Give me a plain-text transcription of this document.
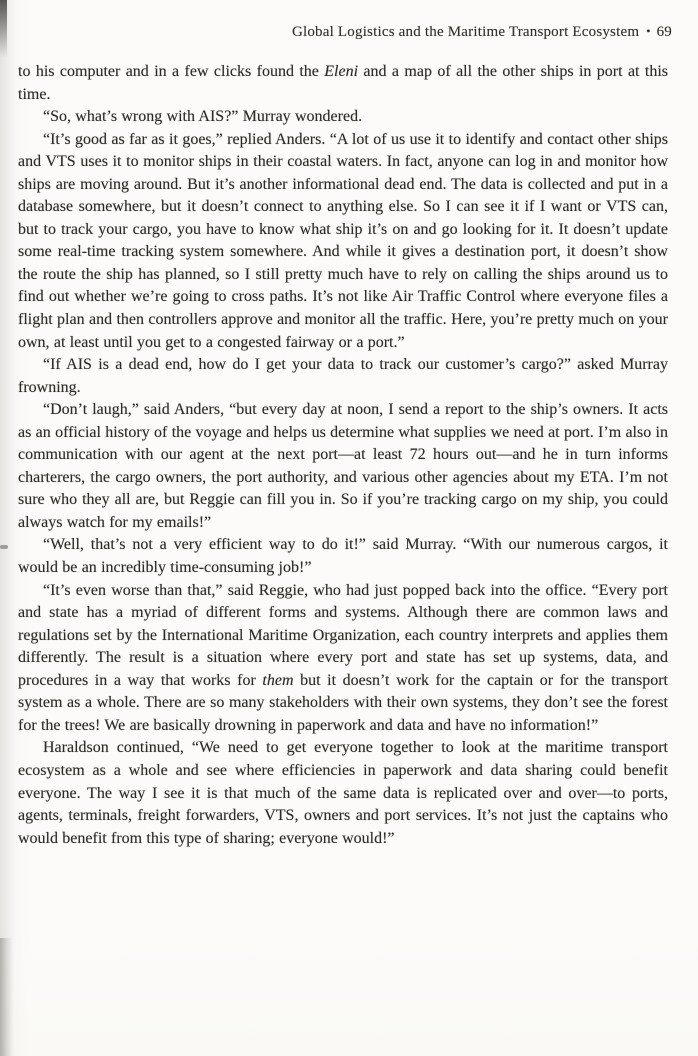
Global Logistics and the Maritime Transport Ecosystem • 69

to his computer and in a few clicks found the Eleni and a map of all the other ships in port at this time.

“So, what’s wrong with AIS?” Murray wondered.

“It’s good as far as it goes,” replied Anders. “A lot of us use it to identify and contact other ships and VTS uses it to monitor ships in their coastal waters. In fact, anyone can log in and monitor how ships are moving around. But it’s another informational dead end. The data is collected and put in a database somewhere, but it doesn’t connect to anything else. So I can see it if I want or VTS can, but to track your cargo, you have to know what ship it’s on and go looking for it. It doesn’t update some real-time tracking system somewhere. And while it gives a destination port, it doesn’t show the route the ship has planned, so I still pretty much have to rely on calling the ships around us to find out whether we’re going to cross paths. It’s not like Air Traffic Control where everyone files a flight plan and then controllers approve and monitor all the traffic. Here, you’re pretty much on your own, at least until you get to a congested fairway or a port.”

“If AIS is a dead end, how do I get your data to track our customer’s cargo?” asked Murray frowning.

“Don’t laugh,” said Anders, “but every day at noon, I send a report to the ship’s owners. It acts as an official history of the voyage and helps us determine what supplies we need at port. I’m also in communication with our agent at the next port—at least 72 hours out—and he in turn informs charterers, the cargo owners, the port authority, and various other agencies about my ETA. I’m not sure who they all are, but Reggie can fill you in. So if you’re tracking cargo on my ship, you could always watch for my emails!”

“Well, that’s not a very efficient way to do it!” said Murray. “With our numerous cargos, it would be an incredibly time-consuming job!”

“It’s even worse than that,” said Reggie, who had just popped back into the office. “Every port and state has a myriad of different forms and systems. Although there are common laws and regulations set by the International Maritime Organization, each country interprets and applies them differently. The result is a situation where every port and state has set up systems, data, and procedures in a way that works for them but it doesn’t work for the captain or for the transport system as a whole. There are so many stakeholders with their own systems, they don’t see the forest for the trees! We are basically drowning in paperwork and data and have no information!”

Haraldson continued, “We need to get everyone together to look at the maritime transport ecosystem as a whole and see where efficiencies in paperwork and data sharing could benefit everyone. The way I see it is that much of the same data is replicated over and over—to ports, agents, terminals, freight forwarders, VTS, owners and port services. It’s not just the captains who would benefit from this type of sharing; everyone would!”
